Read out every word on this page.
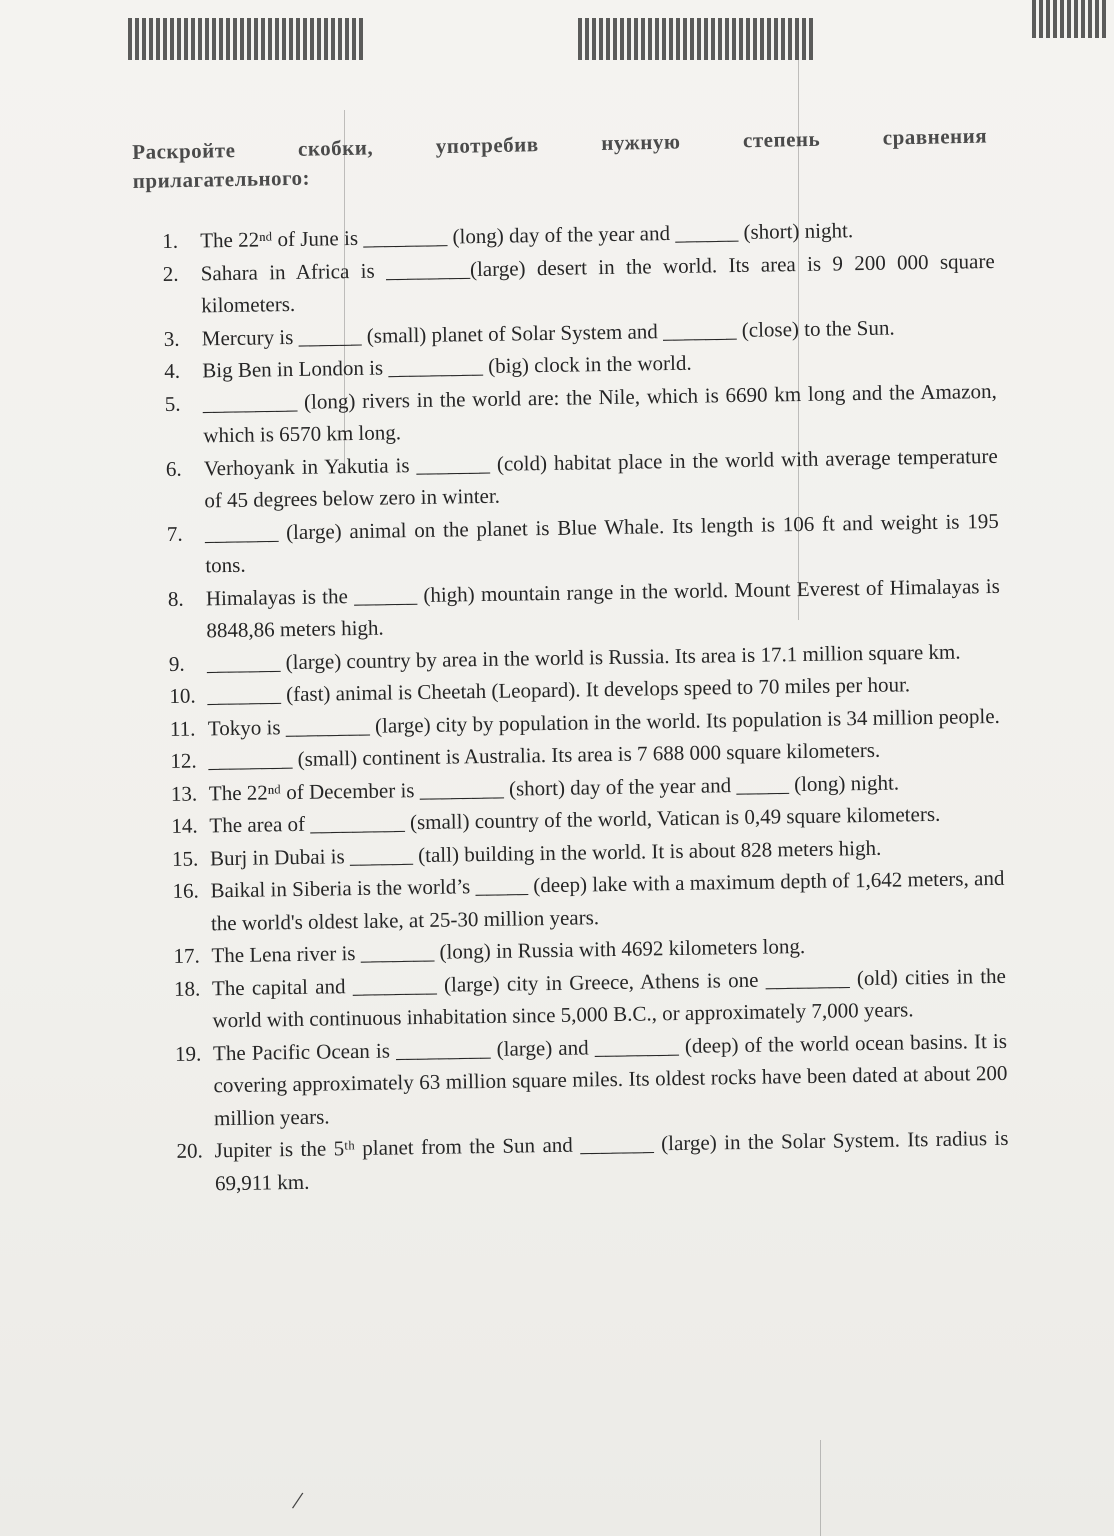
Раскройте скобки, употребив нужную степень сравнения
прилагательного:
1.	The 22ⁿᵈ of June is ________ (long) day of the year and ______ (short) night.
2.	Sahara in Africa is ________(large) desert in the world. Its area is 9 200 000 square kilometers.
3.	Mercury is ______ (small) planet of Solar System and _______ (close) to the Sun.
4.	Big Ben in London is _________ (big) clock in the world.
5.	_________ (long) rivers in the world are: the Nile, which is 6690 km long and the Amazon, which is 6570 km long.
6.	Verhoyank in Yakutia is _______ (cold) habitat place in the world with average temperature of 45 degrees below zero in winter.
7.	_______ (large) animal on the planet is Blue Whale. Its length is 106 ft and weight is 195 tons.
8.	Himalayas is the ______ (high) mountain range in the world. Mount Everest of Himalayas is 8848,86 meters high.
9.	_______ (large) country by area in the world is Russia. Its area is 17.1 million square km.
10. _______ (fast) animal is Cheetah (Leopard). It develops speed to 70 miles per hour.
11. Tokyo is ________ (large) city by population in the world. Its population is 34 million people.
12. ________ (small) continent is Australia. Its area is 7 688 000 square kilometers.
13. The 22ⁿᵈ of December is ________ (short) day of the year and _____ (long) night.
14. The area of _________ (small) country of the world, Vatican is 0,49 square kilometers.
15. Burj in Dubai is ______ (tall) building in the world. It is about 828 meters high.
16. Baikal in Siberia is the world’s _____ (deep) lake with a maximum depth of 1,642 meters, and the world's oldest lake, at 25-30 million years.
17. The Lena river is _______ (long) in Russia with 4692 kilometers long.
18. The capital and ________ (large) city in Greece, Athens is one ________ (old) cities in the world with continuous inhabitation since 5,000 B.C., or approximately 7,000 years.
19. The Pacific Ocean is _________ (large) and ________ (deep) of the world ocean basins. It is covering approximately 63 million square miles. Its oldest rocks have been dated at about 200 million years.
20. Jupiter is the 5ᵗʰ planet from the Sun and _______ (large) in the Solar System. Its radius is 69,911 km.
/
